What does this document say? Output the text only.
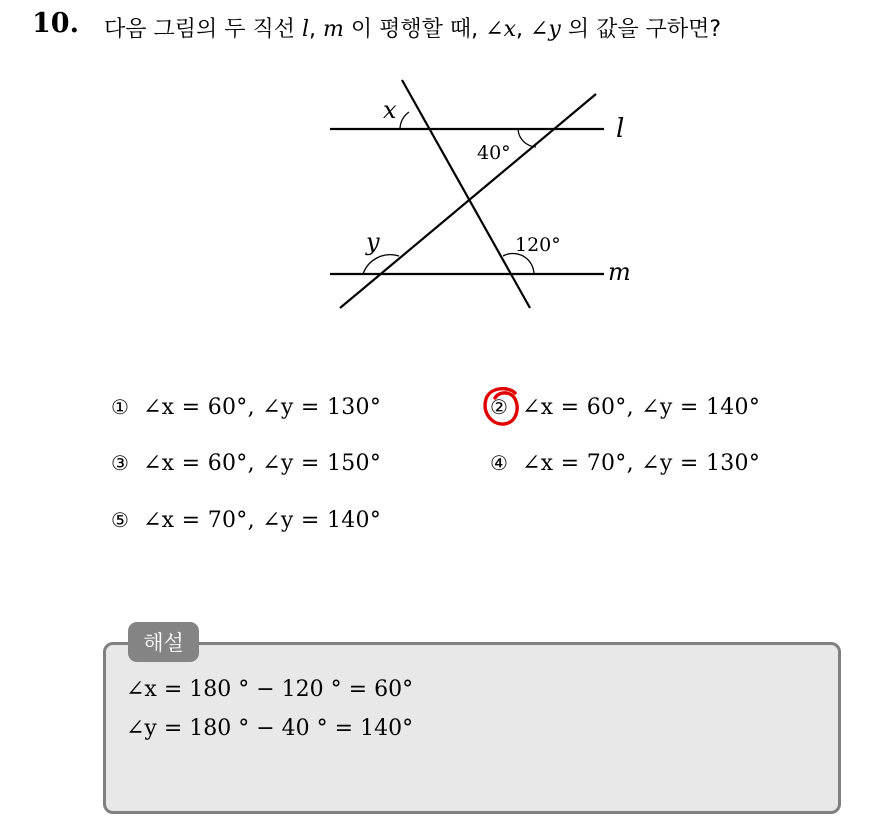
10. 다음 그림의 두 직선 l, m 이 평행할 때, ∠x, ∠y 의 값을 구하면?
x
y
l
m
40°
120°
① ∠x = 60°, ∠y = 130°	② ∠x = 60°, ∠y = 140°
③ ∠x = 60°, ∠y = 150°	④ ∠x = 70°, ∠y = 130°
⑤ ∠x = 70°, ∠y = 140°
해설
∠x = 180 ° − 120 ° = 60°
∠y = 180 ° − 40 ° = 140°
